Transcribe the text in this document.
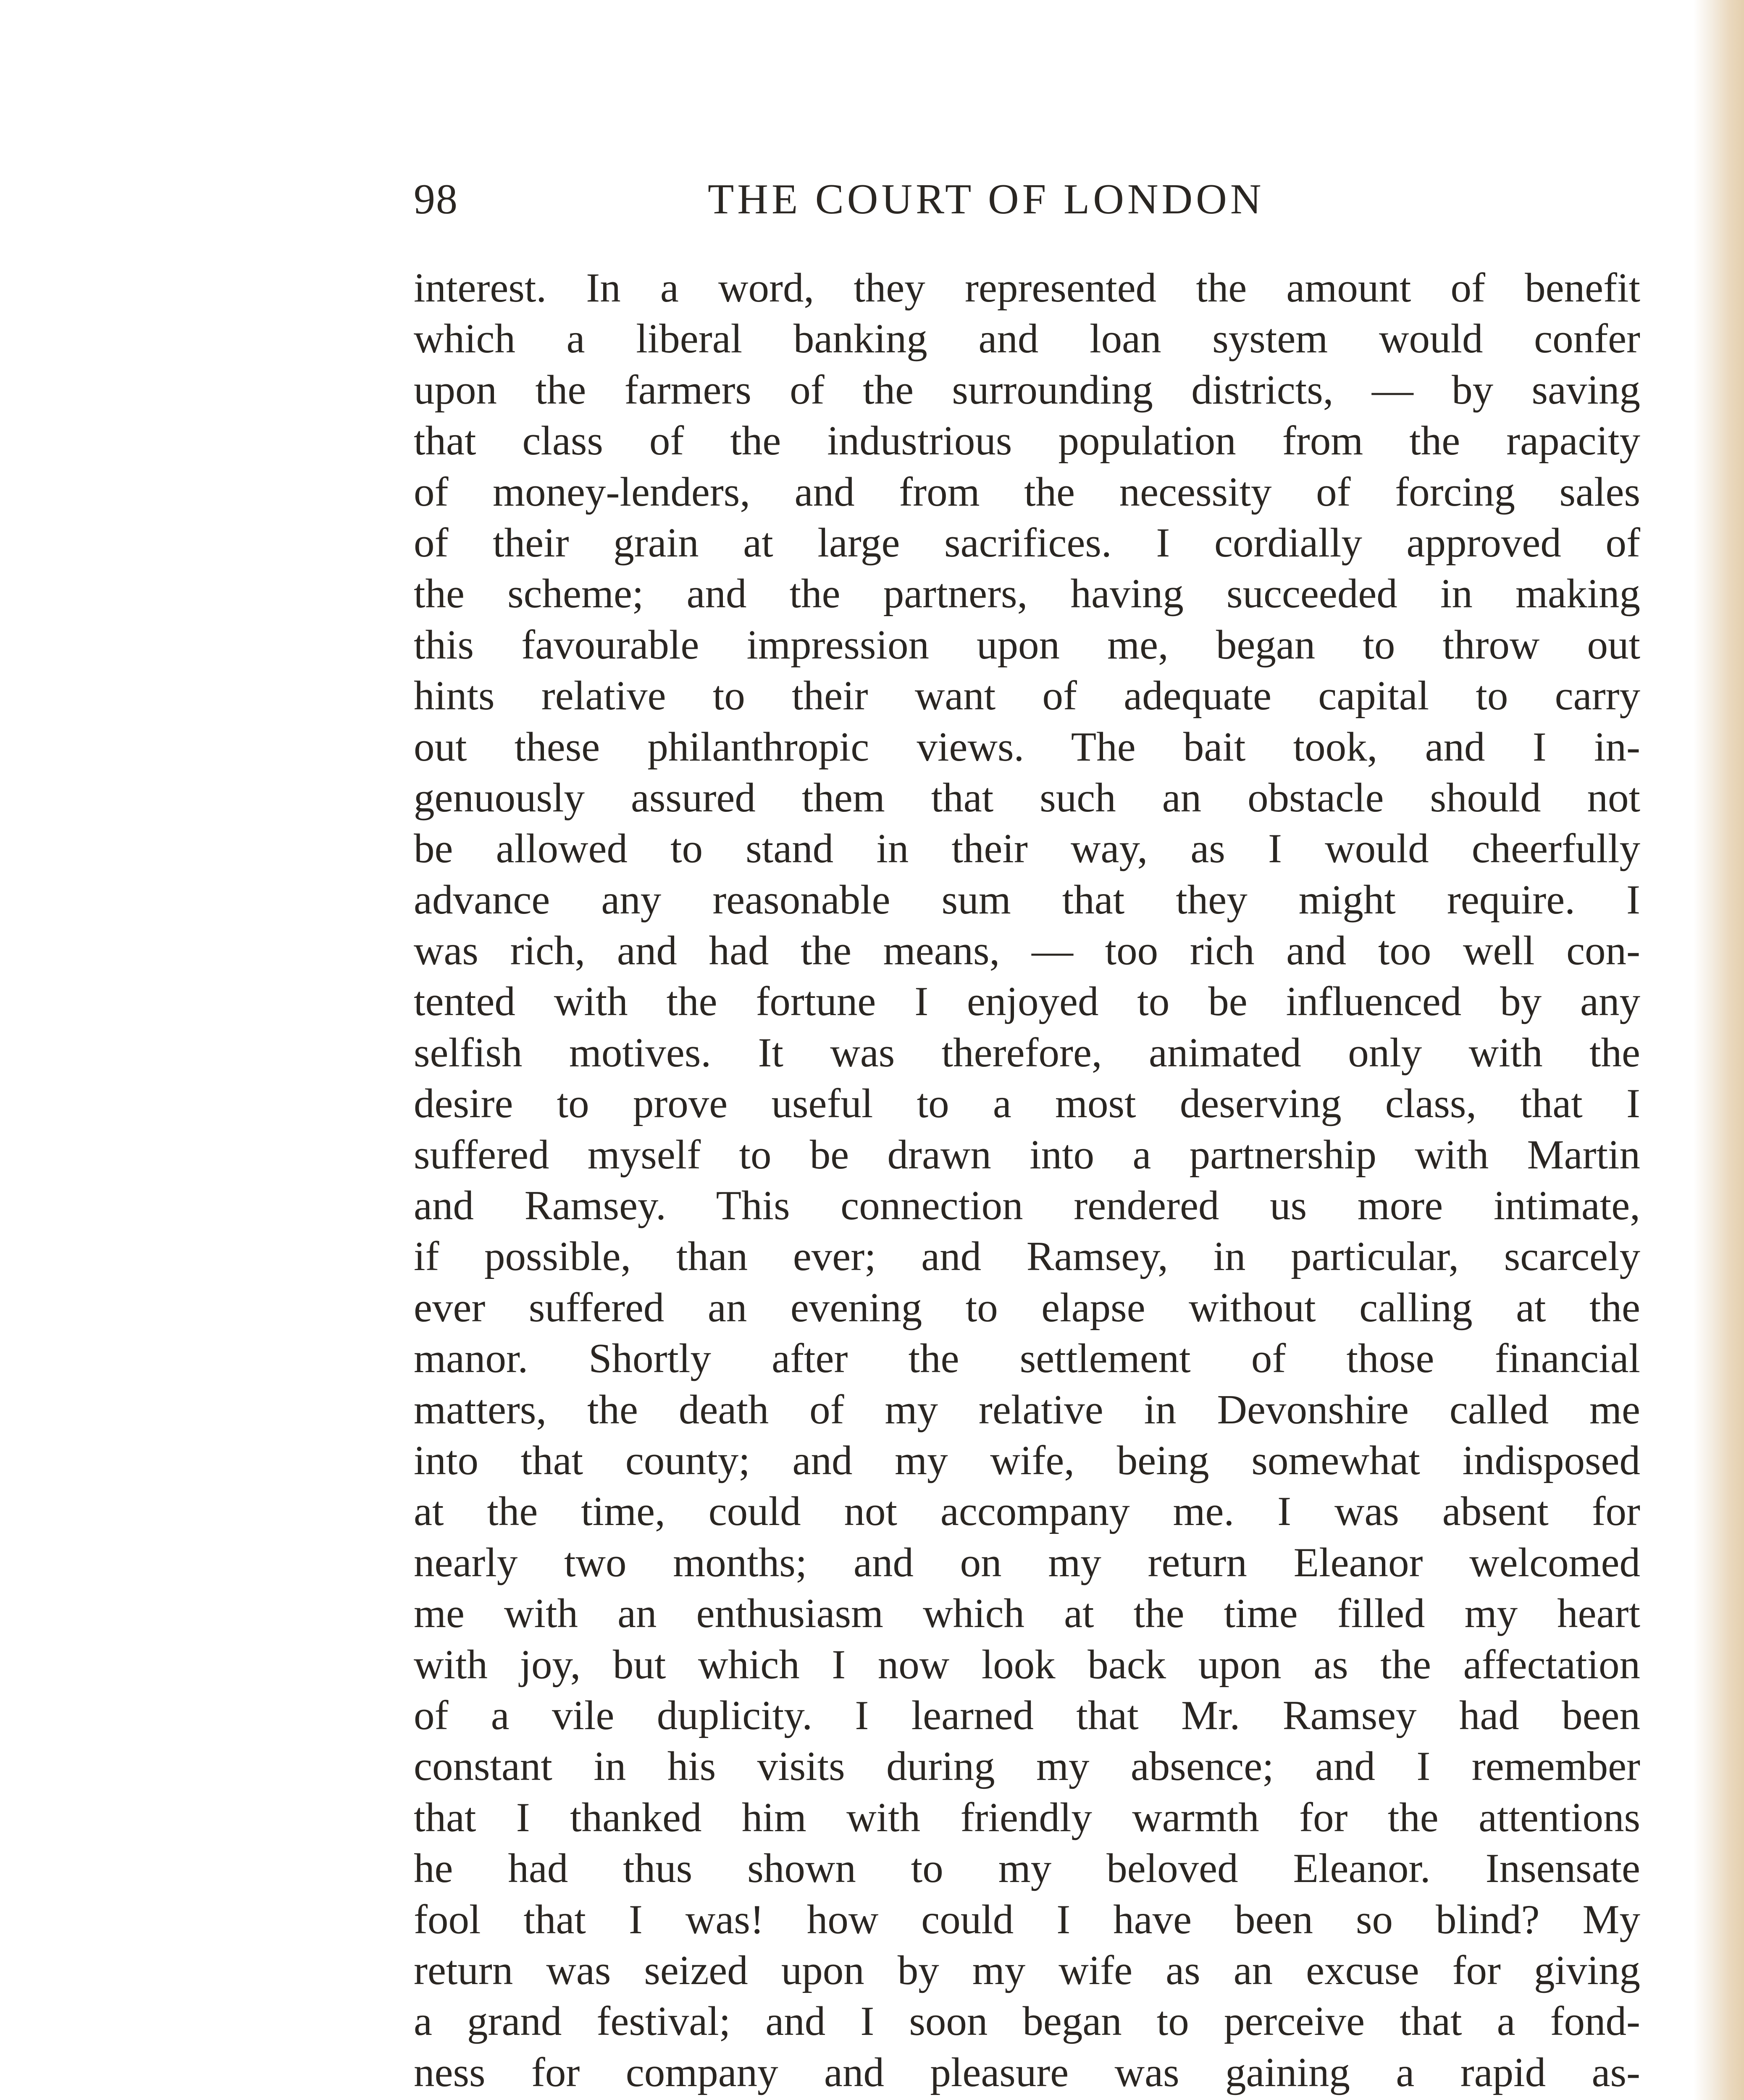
98	THE COURT OF LONDON
interest. In a word, they represented the amount of benefit
which a liberal banking and loan system would confer
upon the farmers of the surrounding districts, — by saving
that class of the industrious population from the rapacity
of money-lenders, and from the necessity of forcing sales
of their grain at large sacrifices. I cordially approved of
the scheme; and the partners, having succeeded in making
this favourable impression upon me, began to throw out
hints relative to their want of adequate capital to carry
out these philanthropic views. The bait took, and I in-
genuously assured them that such an obstacle should not
be allowed to stand in their way, as I would cheerfully
advance any reasonable sum that they might require. I
was rich, and had the means, — too rich and too well con-
tented with the fortune I enjoyed to be influenced by any
selfish motives. It was therefore, animated only with the
desire to prove useful to a most deserving class, that I
suffered myself to be drawn into a partnership with Martin
and Ramsey. This connection rendered us more intimate,
if possible, than ever; and Ramsey, in particular, scarcely
ever suffered an evening to elapse without calling at the
manor. Shortly after the settlement of those financial
matters, the death of my relative in Devonshire called me
into that county; and my wife, being somewhat indisposed
at the time, could not accompany me. I was absent for
nearly two months; and on my return Eleanor welcomed
me with an enthusiasm which at the time filled my heart
with joy, but which I now look back upon as the affectation
of a vile duplicity. I learned that Mr. Ramsey had been
constant in his visits during my absence; and I remember
that I thanked him with friendly warmth for the attentions
he had thus shown to my beloved Eleanor. Insensate
fool that I was! how could I have been so blind? My
return was seized upon by my wife as an excuse for giving
a grand festival; and I soon began to perceive that a fond-
ness for company and pleasure was gaining a rapid as-
